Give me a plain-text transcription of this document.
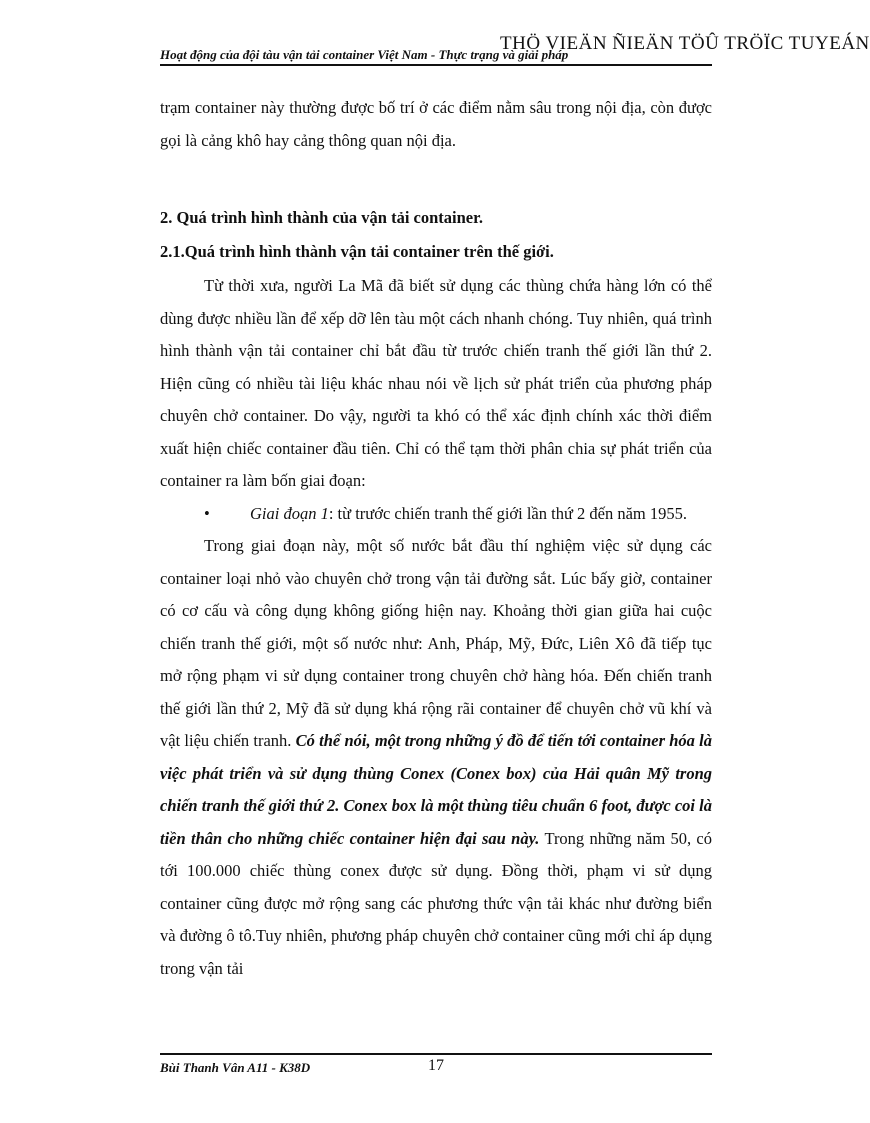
THÖ VIEÄN ÑIEÄN TÖÛ TRÖÏC TUYEÁN
Hoạt động của đội tàu vận tải container Việt Nam - Thực trạng và giải pháp

trạm container này thường được bố trí ở các điểm nằm sâu trong nội địa, còn được gọi là cảng khô hay cảng thông quan nội địa.

2. Quá trình hình thành của vận tải container.

2.1.Quá trình hình thành vận tải container trên thế giới.

Từ thời xưa, người La Mã đã biết sử dụng các thùng chứa hàng lớn có thể dùng được nhiều lần để xếp dỡ lên tàu một cách nhanh chóng. Tuy nhiên, quá trình hình thành vận tải container chỉ bắt đầu từ trước chiến tranh thế giới lần thứ 2. Hiện cũng có nhiều tài liệu khác nhau nói về lịch sử phát triển của phương pháp chuyên chở container. Do vậy, người ta khó có thể xác định chính xác thời điểm xuất hiện chiếc container đầu tiên. Chỉ có thể tạm thời phân chia sự phát triển của container ra làm bốn giai đoạn:

•	Giai đoạn 1: từ trước chiến tranh thế giới lần thứ 2 đến năm 1955.

Trong giai đoạn này, một số nước bắt đầu thí nghiệm việc sử dụng các container loại nhỏ vào chuyên chở trong vận tải đường sắt. Lúc bấy giờ, container có cơ cấu và công dụng không giống hiện nay. Khoảng thời gian giữa hai cuộc chiến tranh thế giới, một số nước như: Anh, Pháp, Mỹ, Đức, Liên Xô đã tiếp tục mở rộng phạm vi sử dụng container trong chuyên chở hàng hóa. Đến chiến tranh thế giới lần thứ 2, Mỹ đã sử dụng khá rộng rãi container để chuyên chở vũ khí và vật liệu chiến tranh. Có thể nói, một trong những ý đồ để tiến tới container hóa là việc phát triển và sử dụng thùng Conex (Conex box) của Hải quân Mỹ trong chiến tranh thế giới thứ 2. Conex box là một thùng tiêu chuẩn 6 foot, được coi là tiền thân cho những chiếc container hiện đại sau này. Trong những năm 50, có tới 100.000 chiếc thùng conex được sử dụng. Đồng thời, phạm vi sử dụng container cũng được mở rộng sang các phương thức vận tải khác như đường biển và đường ô tô.Tuy nhiên, phương pháp chuyên chở container cũng mới chỉ áp dụng trong vận tải

Bùi Thanh Vân A11 - K38D	17
